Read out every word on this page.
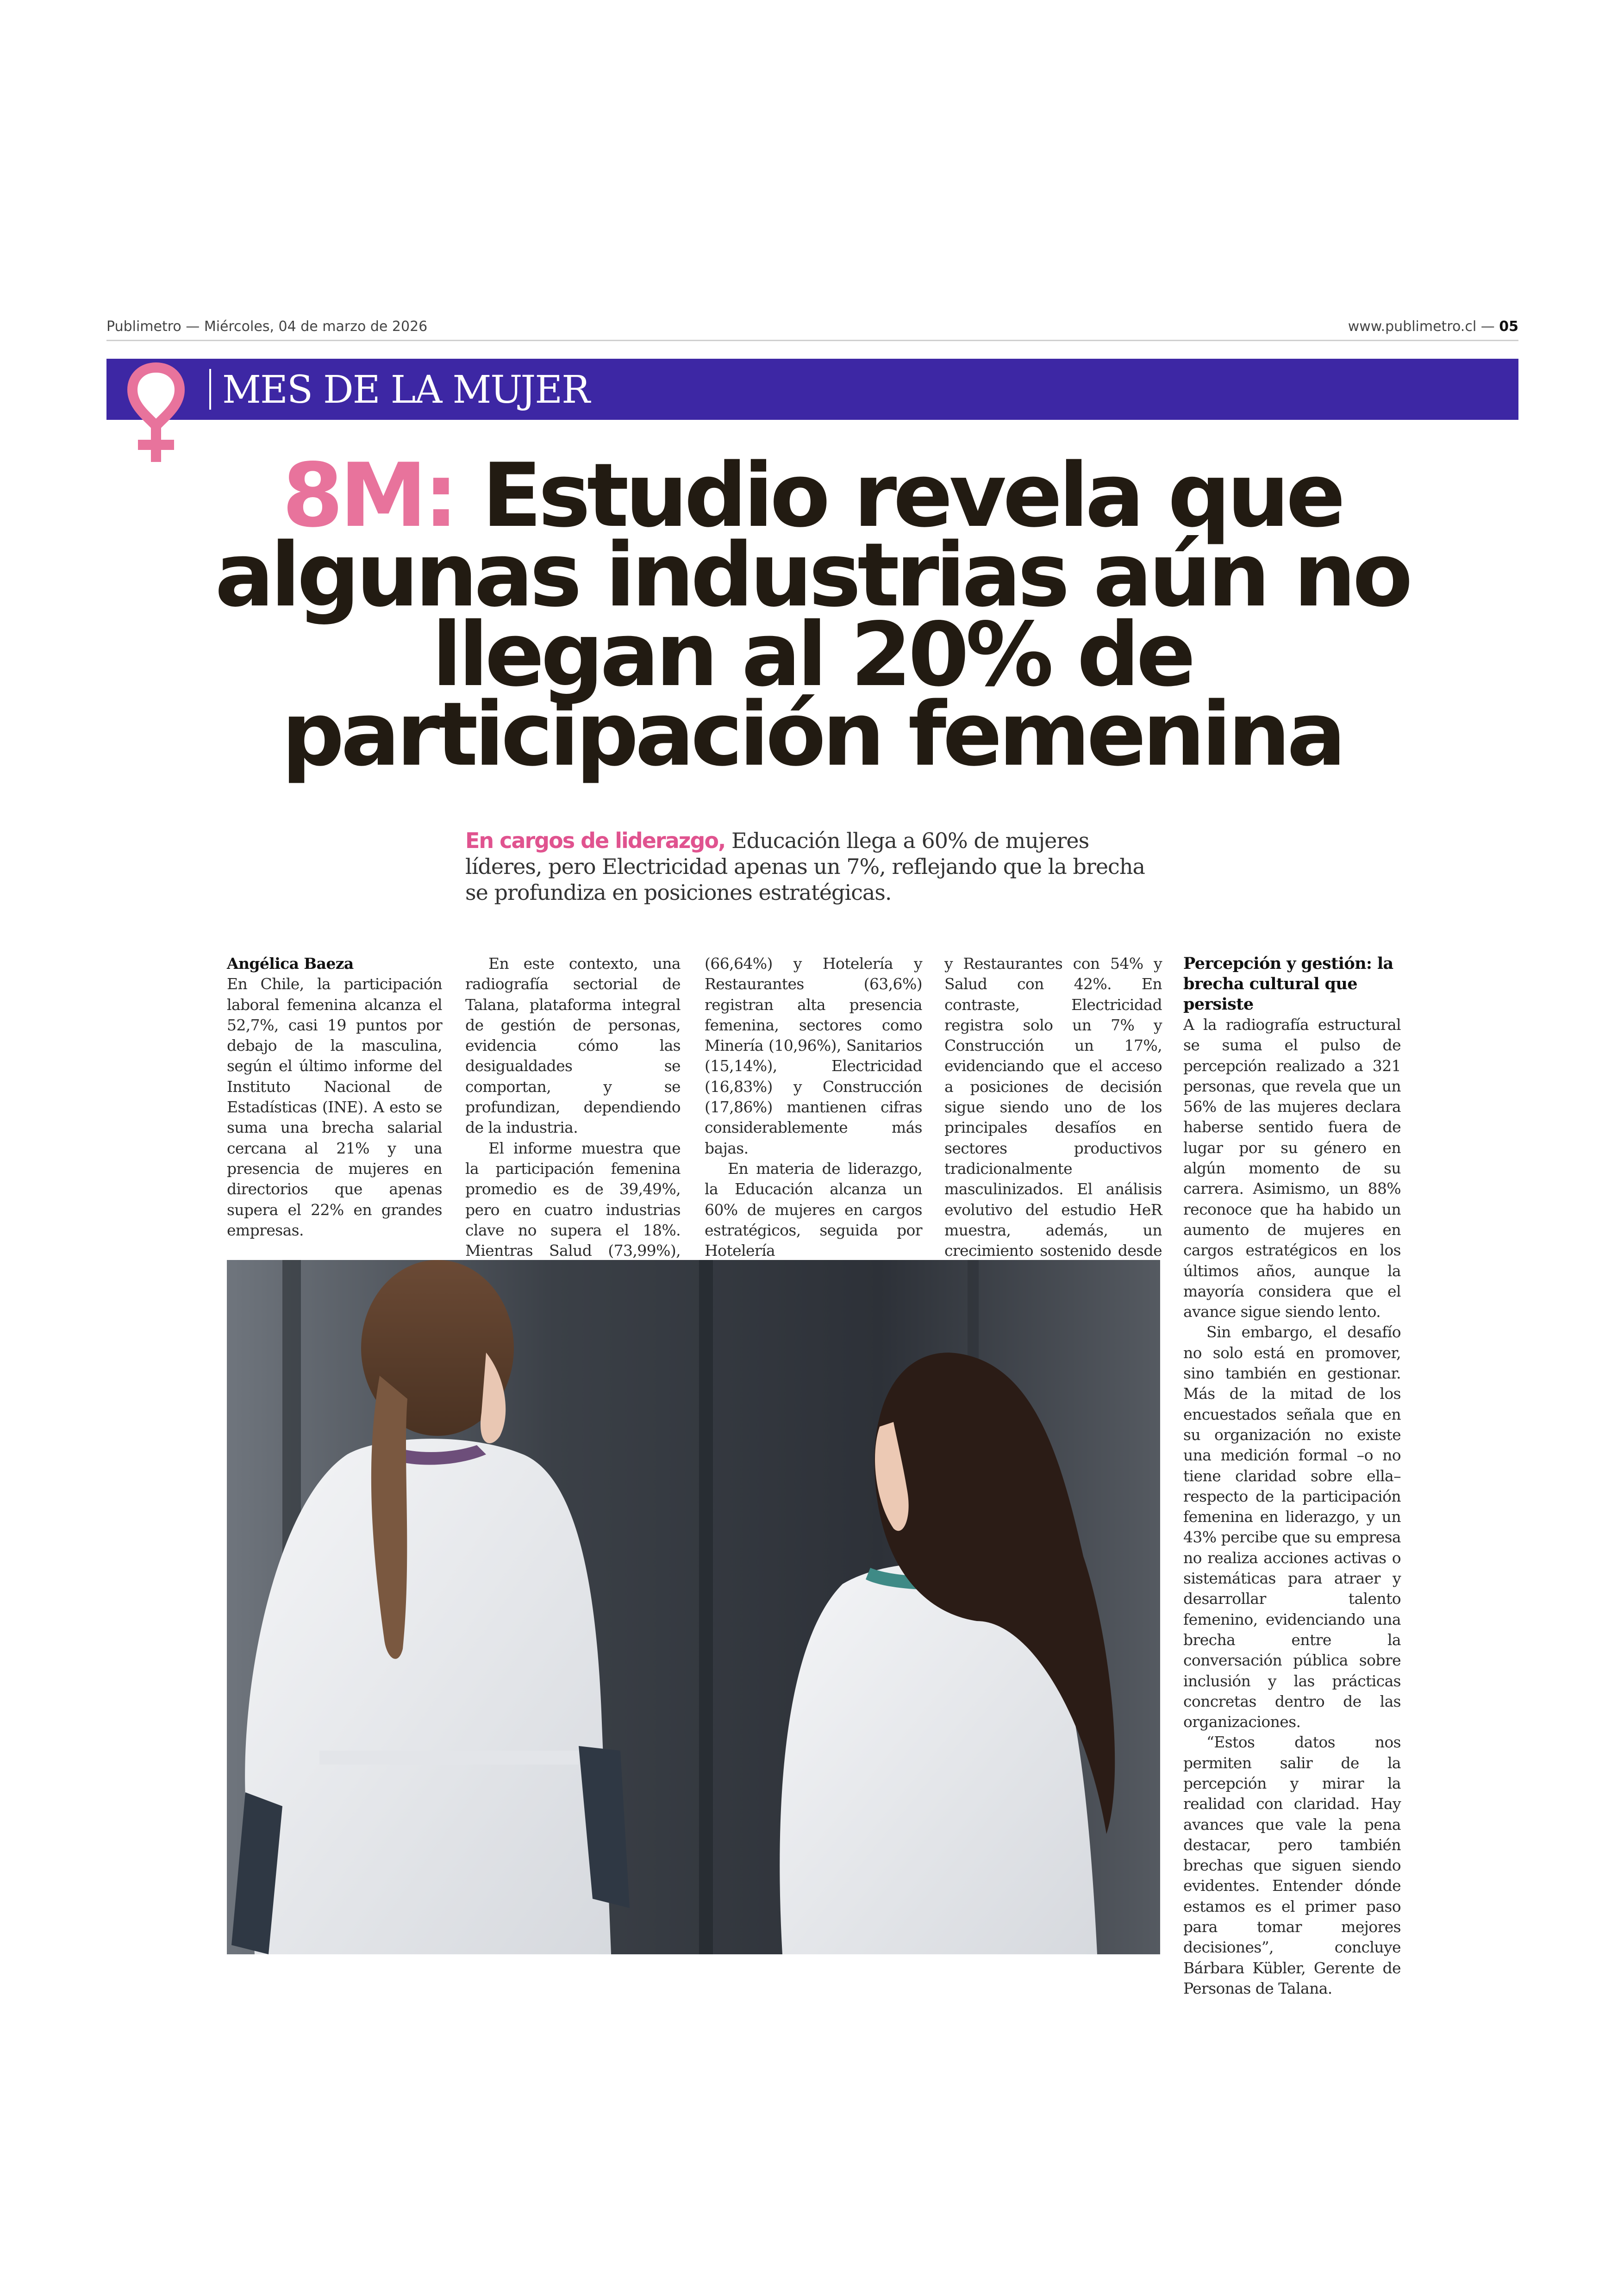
Publimetro — Miércoles, 04 de marzo de 2026	www.publimetro.cl — 05
MES DE LA MUJER
8M: Estudio revela que algunas industrias aún no llegan al 20% de participación femenina

En cargos de liderazgo, Educación llega a 60% de mujeres líderes, pero Electricidad apenas un 7%, reflejando que la brecha se profundiza en posiciones estratégicas.

Angélica Baeza

En Chile, la participación laboral femenina alcanza el 52,7%, casi 19 puntos por debajo de la masculina, según el último informe del Instituto Nacional de Estadísticas (INE). A esto se suma una brecha salarial cercana al 21% y una presencia de mujeres en directorios que apenas supera el 22% en grandes empresas.

En este contexto, una radiografía sectorial de Talana, plataforma integral de gestión de personas, evidencia cómo las desigualdades se comportan, y se profundizan, dependiendo de la industria.

El informe muestra que la participación femenina promedio es de 39,49%, pero en cuatro industrias clave no supera el 18%. Mientras Salud (73,99%),

(66,64%) y Hotelería y Restaurantes (63,6%) registran alta presencia femenina, sectores como Minería (10,96%), Sanitarios (15,14%), Electricidad (16,83%) y Construcción (17,86%) mantienen cifras considerablemente más bajas.

En materia de liderazgo, la Educación alcanza un 60% de mujeres en cargos estratégicos, seguida por Hotelería

y Restaurantes con 54% y Salud con 42%. En contraste, Electricidad registra solo un 7% y Construcción un 17%, evidenciando que el acceso a posiciones de decisión sigue siendo uno de los principales desafíos en sectores productivos tradicionalmente masculinizados. El análisis evolutivo del estudio HeR muestra, además, un crecimiento sostenido desde

Percepción y gestión: la brecha cultural que persiste

A la radiografía estructural se suma el pulso de percepción realizado a 321 personas, que revela que un 56% de las mujeres declara haberse sentido fuera de lugar por su género en algún momento de su carrera. Asimismo, un 88% reconoce que ha habido un aumento de mujeres en cargos estratégicos en los últimos años, aunque la mayoría considera que el avance sigue siendo lento.

Sin embargo, el desafío no solo está en promover, sino también en gestionar. Más de la mitad de los encuestados señala que en su organización no existe una medición formal –o no tiene claridad sobre ella– respecto de la participación femenina en liderazgo, y un 43% percibe que su empresa no realiza acciones activas o sistemáticas para atraer y desarrollar talento femenino, evidenciando una brecha entre la conversación pública sobre inclusión y las prácticas concretas dentro de las organizaciones.

“Estos datos nos permiten salir de la percepción y mirar la realidad con claridad. Hay avances que vale la pena destacar, pero también brechas que siguen siendo evidentes. Entender dónde estamos es el primer paso para tomar mejores decisiones”, concluye Bárbara Kübler, Gerente de Personas de Talana.
